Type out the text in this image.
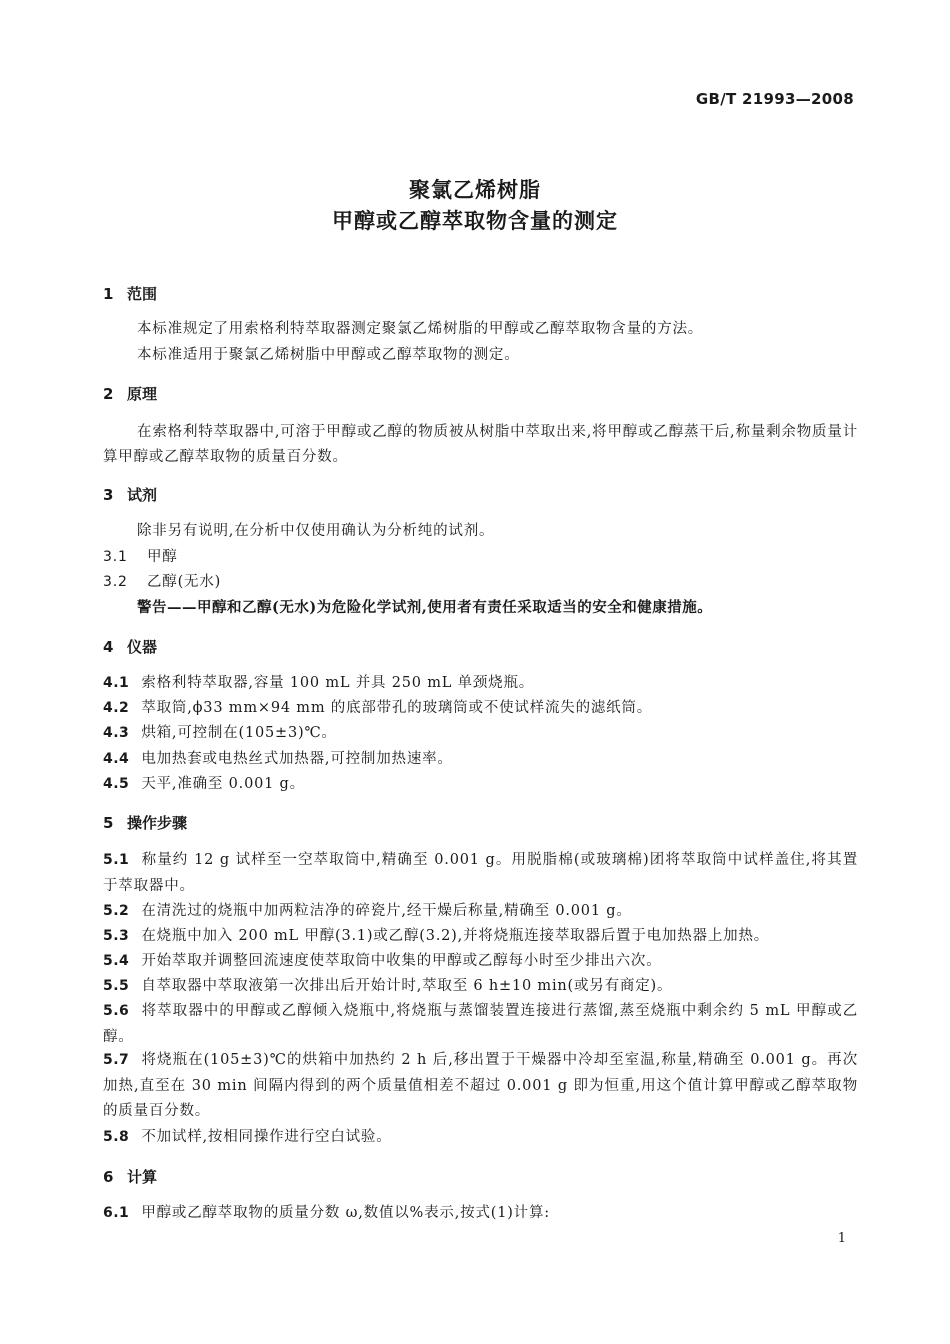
GB/T 21993—2008
聚氯乙烯树脂
甲醇或乙醇萃取物含量的测定
1 范围
本标准规定了用索格利特萃取器测定聚氯乙烯树脂的甲醇或乙醇萃取物含量的方法。
本标准适用于聚氯乙烯树脂中甲醇或乙醇萃取物的测定。
2 原理
在索格利特萃取器中,可溶于甲醇或乙醇的物质被从树脂中萃取出来,将甲醇或乙醇蒸干后,称量剩余物质量计算甲醇或乙醇萃取物的质量百分数。
3 试剂
除非另有说明,在分析中仅使用确认为分析纯的试剂。
3.1 甲醇
3.2 乙醇(无水)
警告——甲醇和乙醇(无水)为危险化学试剂,使用者有责任采取适当的安全和健康措施。
4 仪器
4.1 索格利特萃取器,容量 100 mL 并具 250 mL 单颈烧瓶。
4.2 萃取筒,ϕ33 mm×94 mm 的底部带孔的玻璃筒或不使试样流失的滤纸筒。
4.3 烘箱,可控制在(105±3)℃。
4.4 电加热套或电热丝式加热器,可控制加热速率。
4.5 天平,准确至 0.001 g。
5 操作步骤
5.1 称量约 12 g 试样至一空萃取筒中,精确至 0.001 g。用脱脂棉(或玻璃棉)团将萃取筒中试样盖住,将其置于萃取器中。
5.2 在清洗过的烧瓶中加两粒洁净的碎瓷片,经干燥后称量,精确至 0.001 g。
5.3 在烧瓶中加入 200 mL 甲醇(3.1)或乙醇(3.2),并将烧瓶连接萃取器后置于电加热器上加热。
5.4 开始萃取并调整回流速度使萃取筒中收集的甲醇或乙醇每小时至少排出六次。
5.5 自萃取器中萃取液第一次排出后开始计时,萃取至 6 h±10 min(或另有商定)。
5.6 将萃取器中的甲醇或乙醇倾入烧瓶中,将烧瓶与蒸馏装置连接进行蒸馏,蒸至烧瓶中剩余约 5 mL 甲醇或乙醇。
5.7 将烧瓶在(105±3)℃的烘箱中加热约 2 h 后,移出置于干燥器中冷却至室温,称量,精确至 0.001 g。再次加热,直至在 30 min 间隔内得到的两个质量值相差不超过 0.001 g 即为恒重,用这个值计算甲醇或乙醇萃取物的质量百分数。
5.8 不加试样,按相同操作进行空白试验。
6 计算
6.1 甲醇或乙醇萃取物的质量分数 ω,数值以%表示,按式(1)计算:
1
